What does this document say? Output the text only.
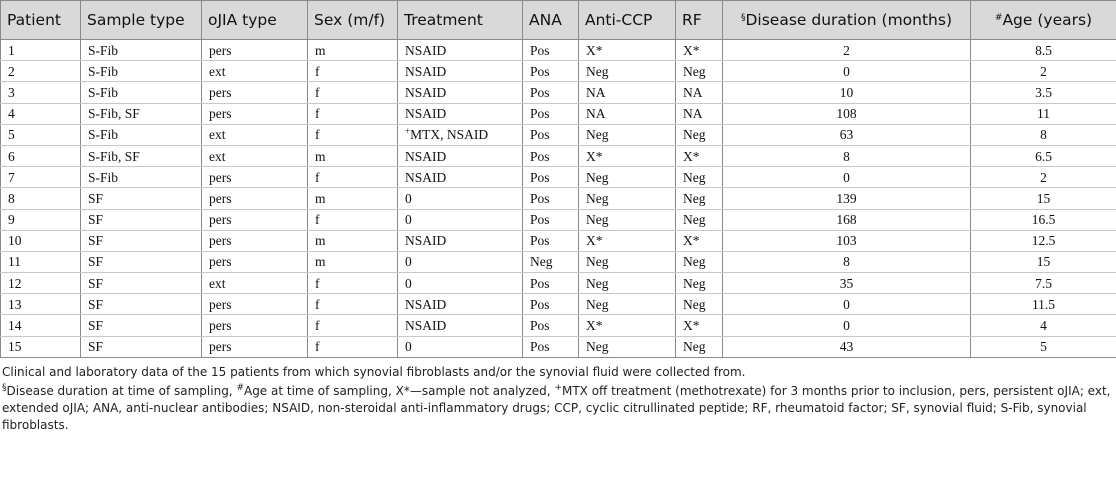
Patient	Sample type	oJIA type	Sex (m/f)	Treatment	ANA	Anti-CCP	RF	§Disease duration (months)	#Age (years)
1	S-Fib	pers	m	NSAID	Pos	X*	X*	2	8.5
2	S-Fib	ext	f	NSAID	Pos	Neg	Neg	0	2
3	S-Fib	pers	f	NSAID	Pos	NA	NA	10	3.5
4	S-Fib, SF	pers	f	NSAID	Pos	NA	NA	108	11
5	S-Fib	ext	f	+MTX, NSAID	Pos	Neg	Neg	63	8
6	S-Fib, SF	ext	m	NSAID	Pos	X*	X*	8	6.5
7	S-Fib	pers	f	NSAID	Pos	Neg	Neg	0	2
8	SF	pers	m	0	Pos	Neg	Neg	139	15
9	SF	pers	f	0	Pos	Neg	Neg	168	16.5
10	SF	pers	m	NSAID	Pos	X*	X*	103	12.5
11	SF	pers	m	0	Neg	Neg	Neg	8	15
12	SF	ext	f	0	Pos	Neg	Neg	35	7.5
13	SF	pers	f	NSAID	Pos	Neg	Neg	0	11.5
14	SF	pers	f	NSAID	Pos	X*	X*	0	4
15	SF	pers	f	0	Pos	Neg	Neg	43	5

Clinical and laboratory data of the 15 patients from which synovial fibroblasts and/or the synovial fluid were collected from.

§Disease duration at time of sampling, #Age at time of sampling, X*—sample not analyzed, +MTX off treatment (methotrexate) for 3 months prior to inclusion, pers, persistent oJIA; ext, extended oJIA; ANA, anti-nuclear antibodies; NSAID, non-steroidal anti-inflammatory drugs; CCP, cyclic citrullinated peptide; RF, rheumatoid factor; SF, synovial fluid; S-Fib, synovial fibroblasts.
